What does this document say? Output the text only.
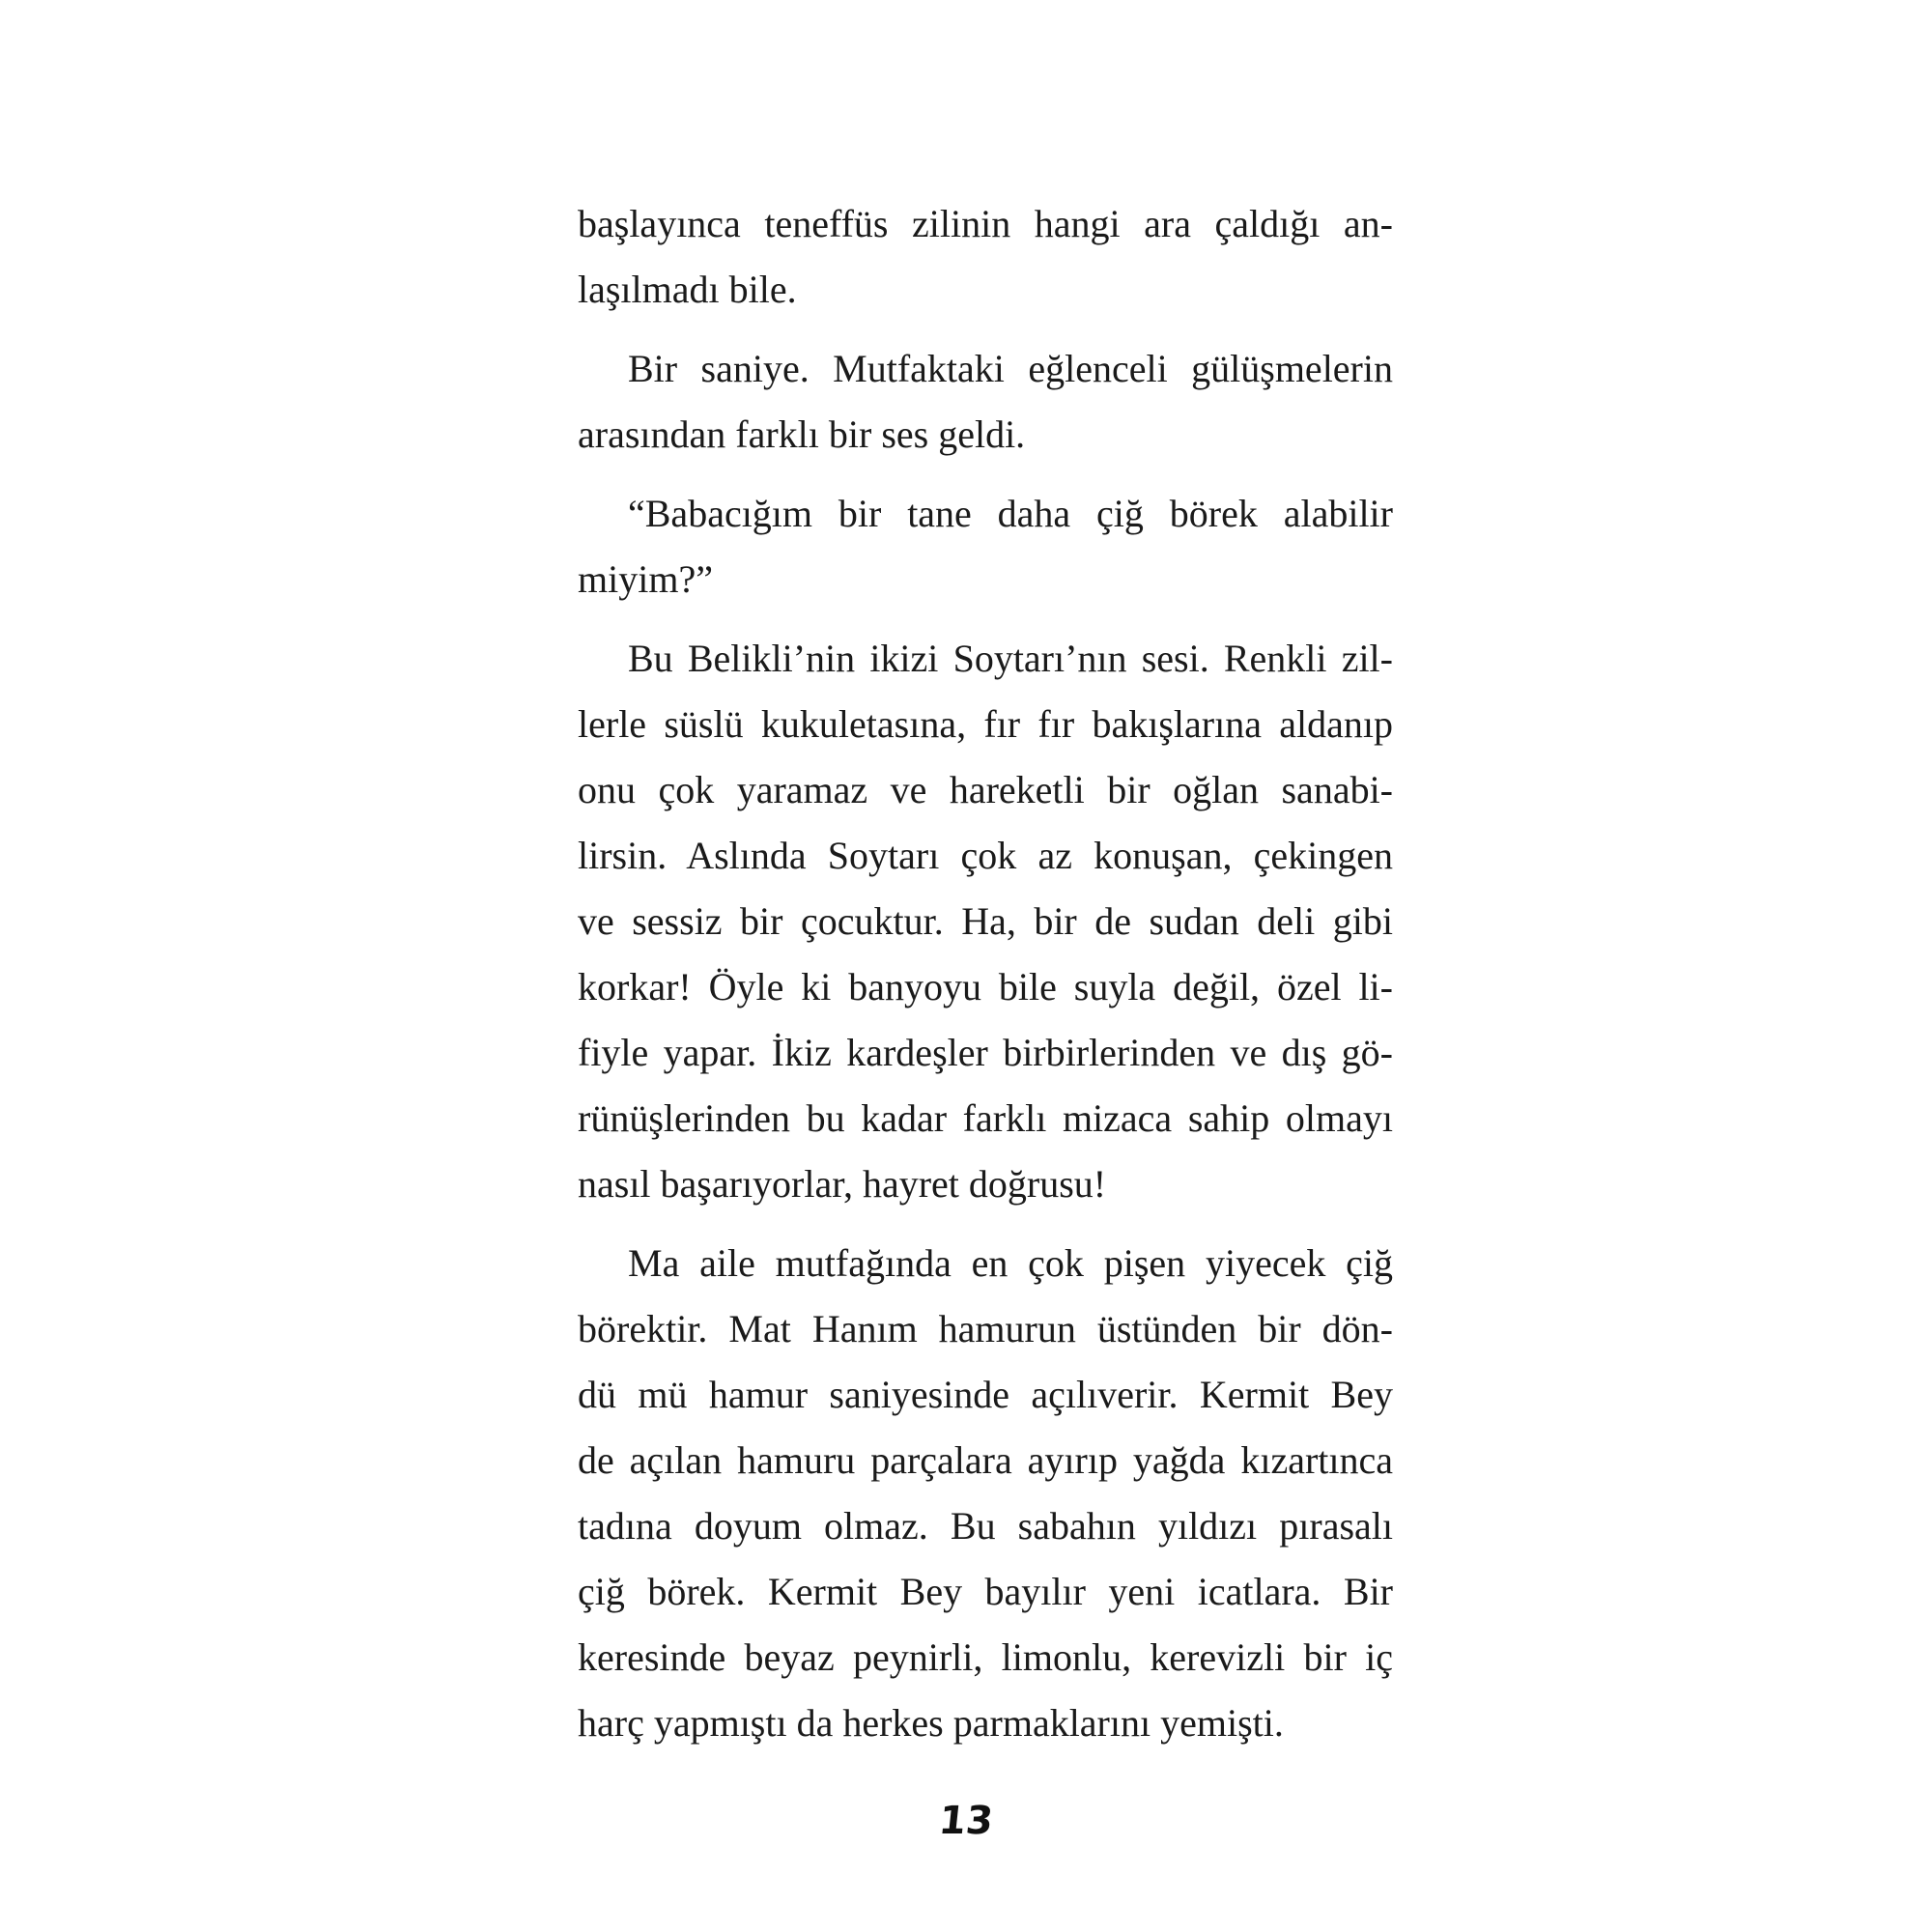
başlayınca teneffüs zilinin hangi ara çaldığı an-
laşılmadı bile.
Bir saniye. Mutfaktaki eğlenceli gülüşmelerin
arasından farklı bir ses geldi.
“Babacığım bir tane daha çiğ börek alabilir
miyim?”
Bu Belikli’nin ikizi Soytarı’nın sesi. Renkli zil-
lerle süslü kukuletasına, fır fır bakışlarına aldanıp
onu çok yaramaz ve hareketli bir oğlan sanabi-
lirsin. Aslında Soytarı çok az konuşan, çekingen
ve sessiz bir çocuktur. Ha, bir de sudan deli gibi
korkar! Öyle ki banyoyu bile suyla değil, özel li-
fiyle yapar. İkiz kardeşler birbirlerinden ve dış gö-
rünüşlerinden bu kadar farklı mizaca sahip olmayı
nasıl başarıyorlar, hayret doğrusu!
Ma aile mutfağında en çok pişen yiyecek çiğ
börektir. Mat Hanım hamurun üstünden bir dön-
dü mü hamur saniyesinde açılıverir. Kermit Bey
de açılan hamuru parçalara ayırıp yağda kızartınca
tadına doyum olmaz. Bu sabahın yıldızı pırasalı
çiğ börek. Kermit Bey bayılır yeni icatlara. Bir
keresinde beyaz peynirli, limonlu, kerevizli bir iç
harç yapmıştı da herkes parmaklarını yemişti.
13
